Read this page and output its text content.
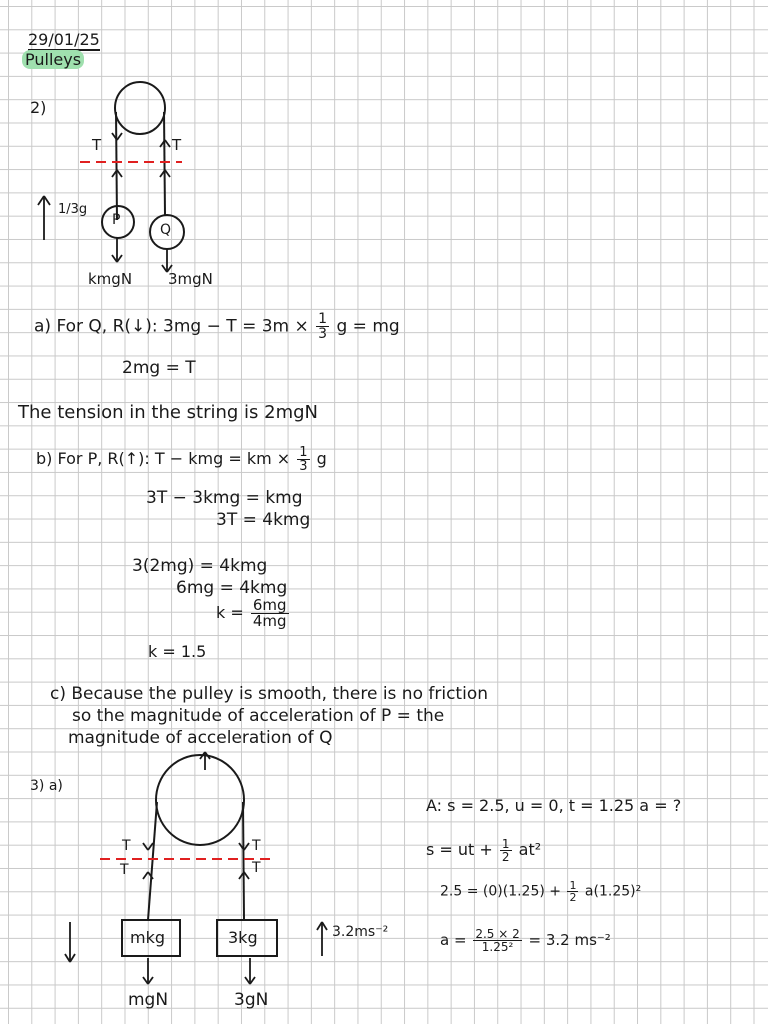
29/01/25
Pulleys
2)
T	T
1/3g
P
Q
kmgN 3mgN
a) For Q, R(↓): $3mg - T = 3m \times \frac{1}{3}$ g = mg
2mg = T
The tension in the string is 2mgN
b) For P, R(↑): T − kmg = km × $\frac{1}{3}$ g
3T − 3kmg = kmg
3T = 4kmg
3(2mg) = 4kmg
6mg = 4kmg
$k = \frac{6mg}{4mg}$
k = 1.5
c) Because the pulley is smooth, there is no friction
so the magnitude of acceleration of P = the
magnitude of acceleration of Q
3) a)
T
T
T
T
mkg	3kg
mgN	3gN
3.2ms⁻²
A: s = 2.5, u = 0, t = 1.25 a = ?
s = ut + $\frac{1}{2} at^2$
$2.5 = (0)(1.25) + \frac{1}{2} a(1.25)^2$
$a = \frac{2.5 \times 2}{\text{1.25²}} = 3.2$ ms⁻²
